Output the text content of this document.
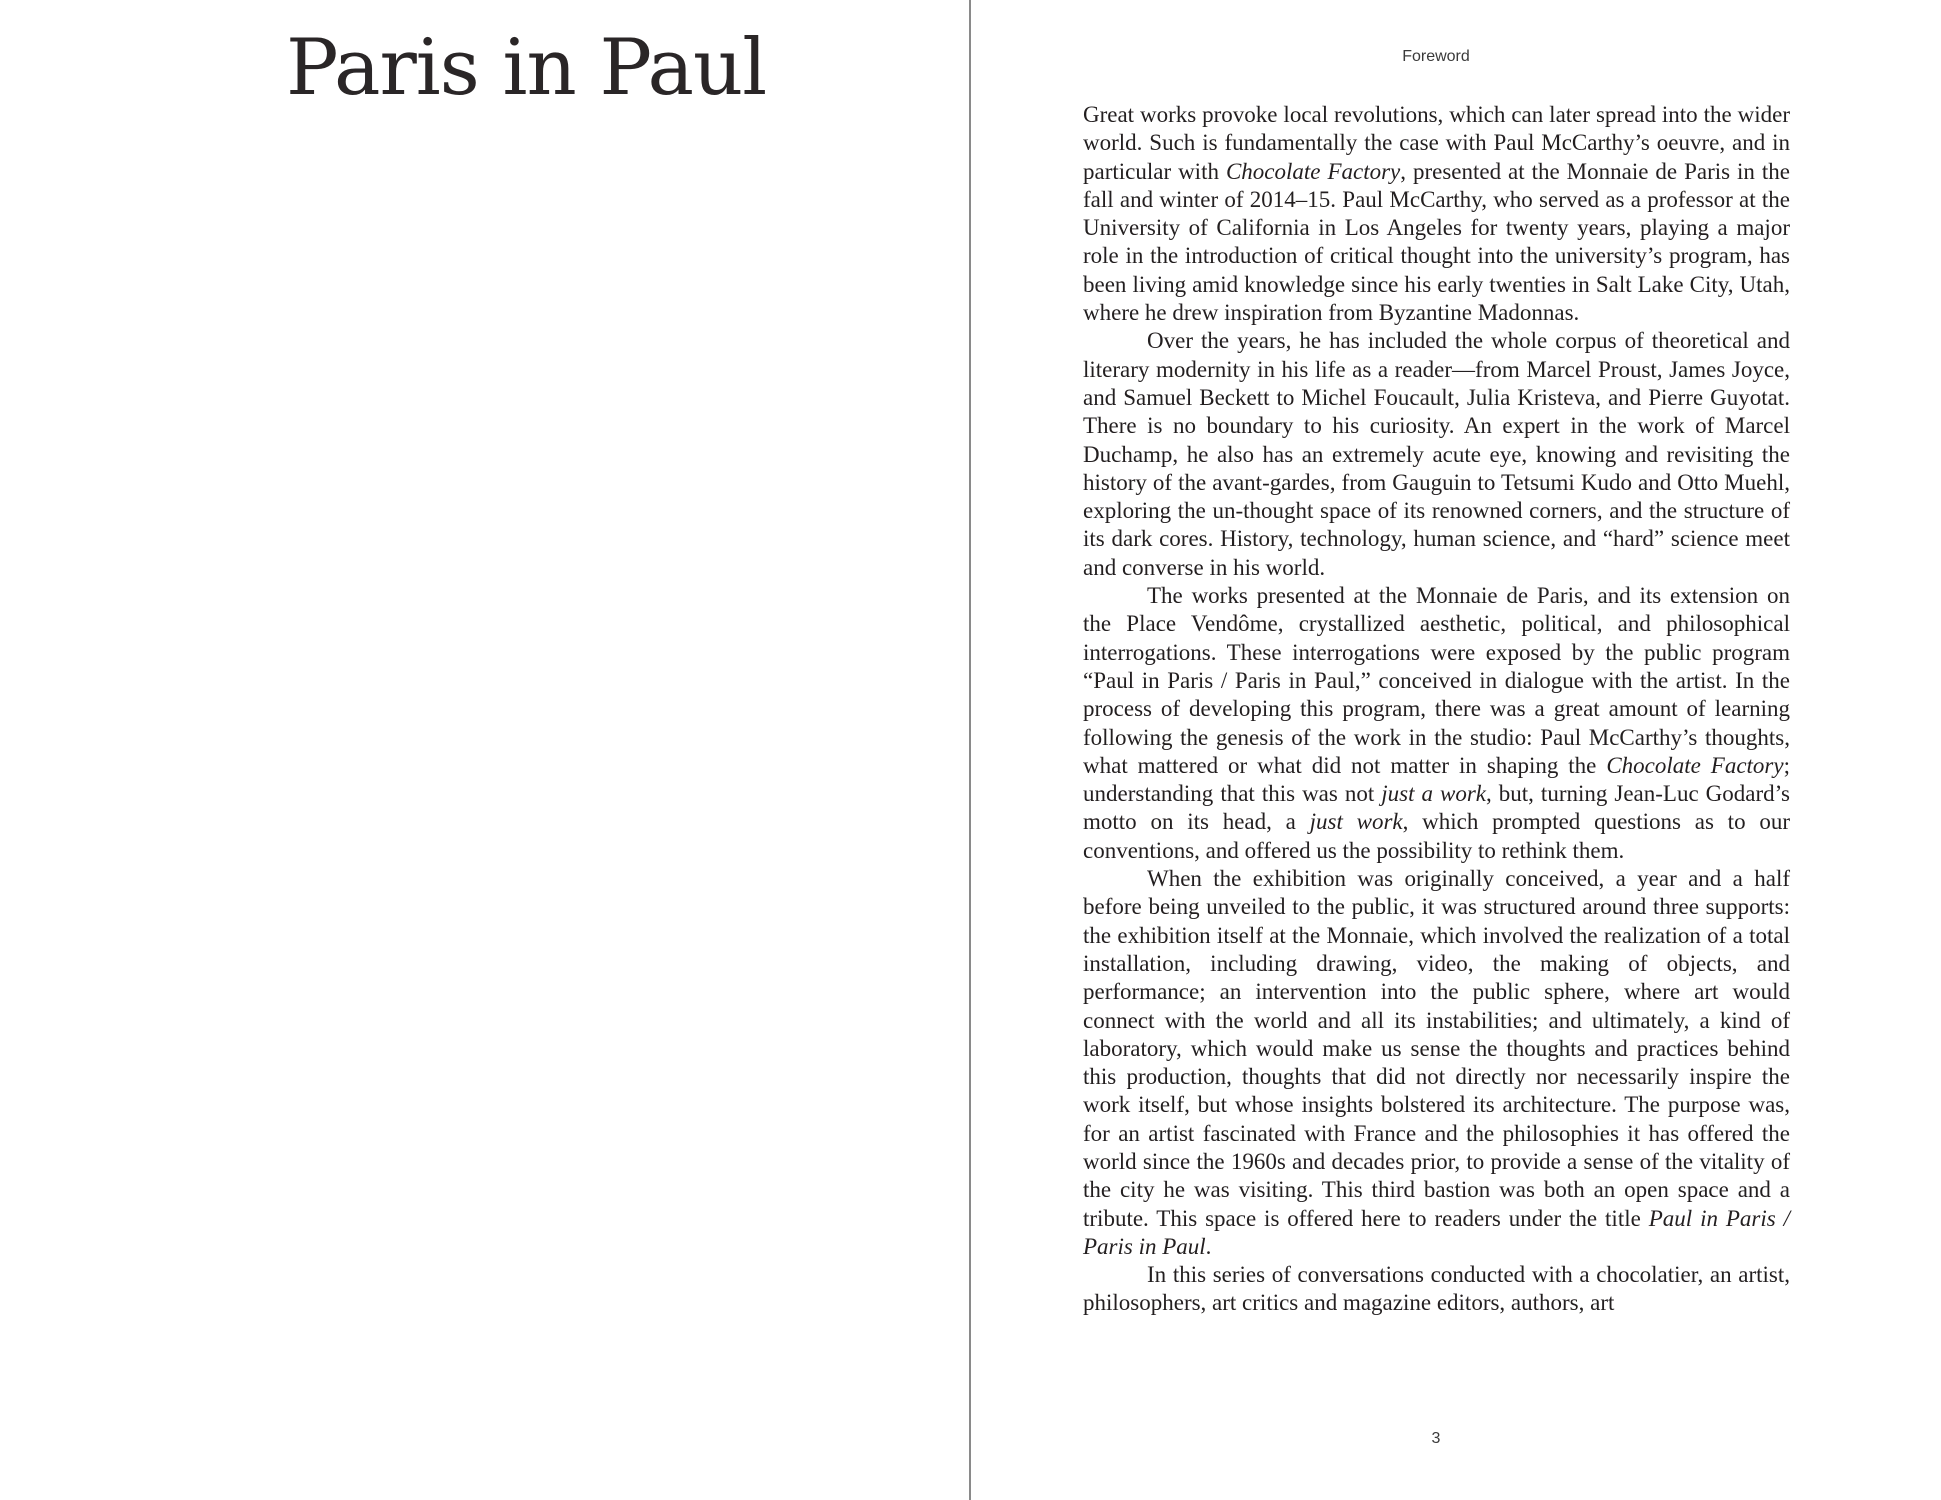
Paris in Paul	Foreword

Great works provoke local revolutions, which can later spread into the wider world. Such is fundamentally the case with Paul McCarthy’s oeuvre, and in particular with Chocolate Factory, presented at the Monnaie de Paris in the fall and winter of 2014–15. Paul McCarthy, who served as a professor at the University of California in Los Angeles for twenty years, playing a major role in the introduction of critical thought into the university’s program, has been living amid knowledge since his early twenties in Salt Lake City, Utah, where he drew inspiration from Byzantine Madonnas.

Over the years, he has included the whole corpus of theoretical and literary modernity in his life as a reader—from Marcel Proust, James Joyce, and Samuel Beckett to Michel Foucault, Julia Kristeva, and Pierre Guyotat. There is no boundary to his curiosity. An expert in the work of Marcel Duchamp, he also has an extremely acute eye, knowing and revisiting the history of the avant-gardes, from Gauguin to Tetsumi Kudo and Otto Muehl, exploring the un-thought space of its renowned corners, and the structure of its dark cores. History, technology, human science, and “hard” science meet and converse in his world.

The works presented at the Monnaie de Paris, and its extension on the Place Vendôme, crystallized aesthetic, political, and philosophical interrogations. These interrogations were exposed by the public program “Paul in Paris / Paris in Paul,” conceived in dialogue with the artist. In the process of developing this program, there was a great amount of learning following the genesis of the work in the studio: Paul McCarthy’s thoughts, what mattered or what did not matter in shaping the Chocolate Factory; understanding that this was not just a work, but, turning Jean-Luc Godard’s motto on its head, a just work, which prompted questions as to our conventions, and offered us the possibility to rethink them.

When the exhibition was originally conceived, a year and a half before being unveiled to the public, it was structured around three supports: the exhibition itself at the Monnaie, which involved the realization of a total installation, including drawing, video, the making of objects, and performance; an intervention into the public sphere, where art would connect with the world and all its instabilities; and ultimately, a kind of laboratory, which would make us sense the thoughts and practices behind this production, thoughts that did not directly nor necessarily inspire the work itself, but whose insights bolstered its architecture. The purpose was, for an artist fascinated with France and the philosophies it has offered the world since the 1960s and decades prior, to provide a sense of the vitality of the city he was visiting. This third bastion was both an open space and a tribute. This space is offered here to readers under the title Paul in Paris / Paris in Paul.

In this series of conversations conducted with a chocolatier, an artist, philosophers, art critics and magazine editors, authors, art

3
